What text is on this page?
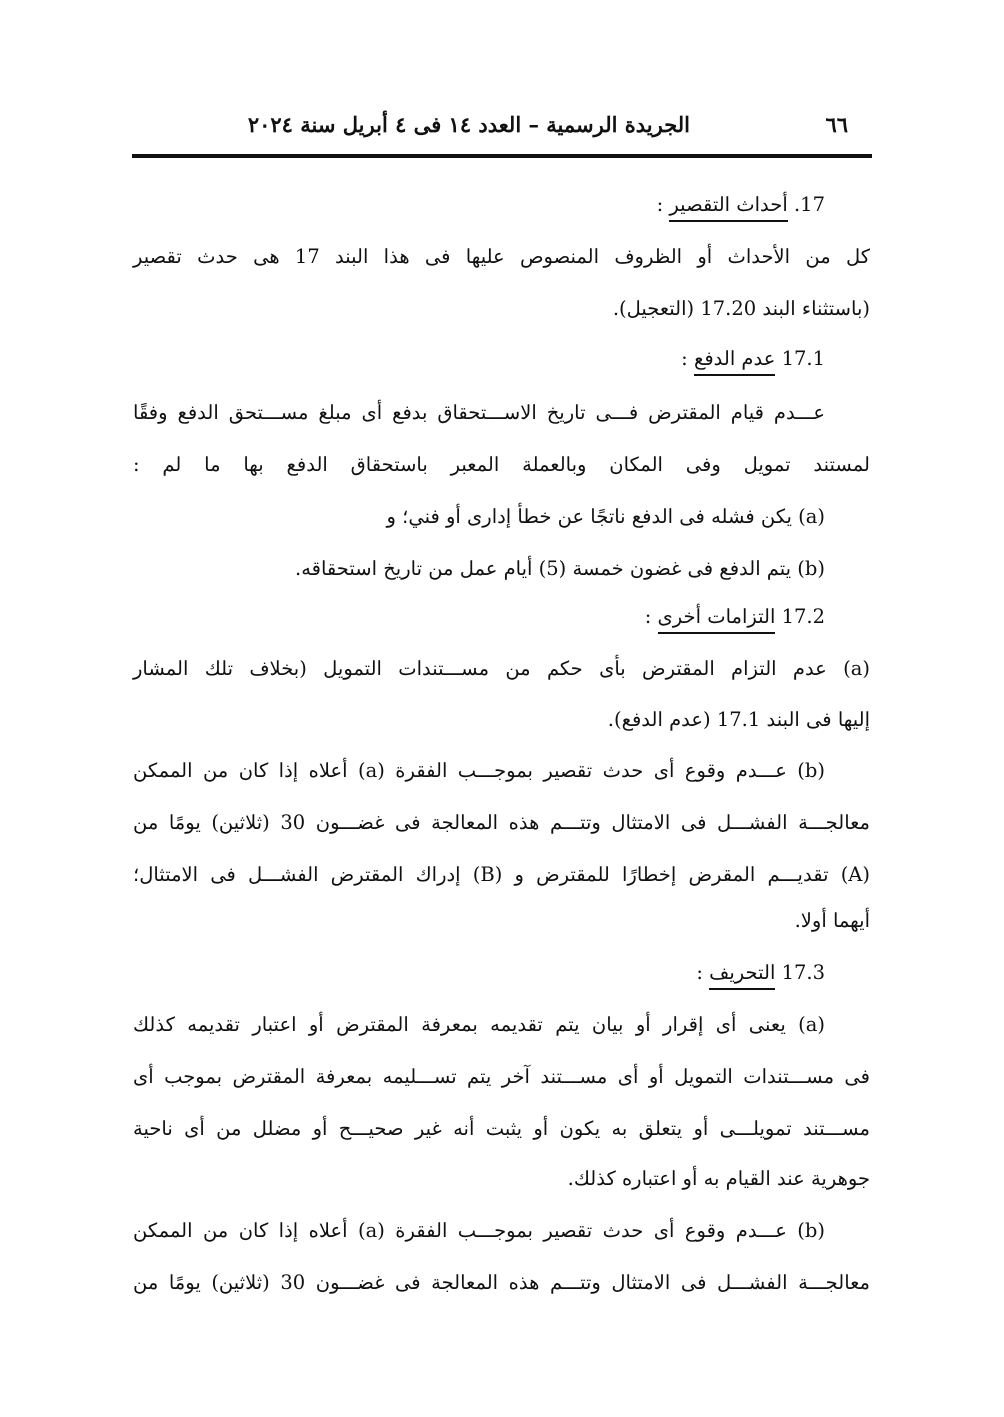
٦٦
الجريدة الرسمية – العدد ١٤ فى ٤ أبريل سنة ٢٠٢٤
17. أحداث التقصير :
كل من الأحداث أو الظروف المنصوص عليها فى هذا البند 17 هى حدث تقصير
(باستثناء البند 17.20 (التعجيل).
17.1 عدم الدفع :
عـــدم قيام المقترض فـــى تاريخ الاســـتحقاق بدفع أى مبلغ مســـتحق الدفع وفقًا
لمستند تمويل وفى المكان وبالعملة المعبر باستحقاق الدفع بها ما لم :
(a) يكن فشله فى الدفع ناتجًا عن خطأ إدارى أو فني؛ و
(b) يتم الدفع فى غضون خمسة (5) أيام عمل من تاريخ استحقاقه.
17.2 التزامات أخرى :
(a) عدم التزام المقترض بأى حكم من مســـتندات التمويل (بخلاف تلك المشار
إليها فى البند 17.1 (عدم الدفع).
(b) عـــدم وقوع أى حدث تقصير بموجـــب الفقرة (a) أعلاه إذا كان من الممكن
معالجـــة الفشـــل فى الامتثال وتتـــم هذه المعالجة فى غضـــون 30 (ثلاثين) يومًا من
(A) تقديـــم المقرض إخطارًا للمقترض و (B) إدراك المقترض الفشـــل فى الامتثال؛
أيهما أولا.
17.3 التحريف :
(a) يعنى أى إقرار أو بيان يتم تقديمه بمعرفة المقترض أو اعتبار تقديمه كذلك
فى مســـتندات التمويل أو أى مســـتند آخر يتم تســـليمه بمعرفة المقترض بموجب أى
مســـتند تمويلـــى أو يتعلق به يكون أو يثبت أنه غير صحيـــح أو مضلل من أى ناحية
جوهرية عند القيام به أو اعتباره كذلك.
(b) عـــدم وقوع أى حدث تقصير بموجـــب الفقرة (a) أعلاه إذا كان من الممكن
معالجـــة الفشـــل فى الامتثال وتتـــم هذه المعالجة فى غضـــون 30 (ثلاثين) يومًا من
